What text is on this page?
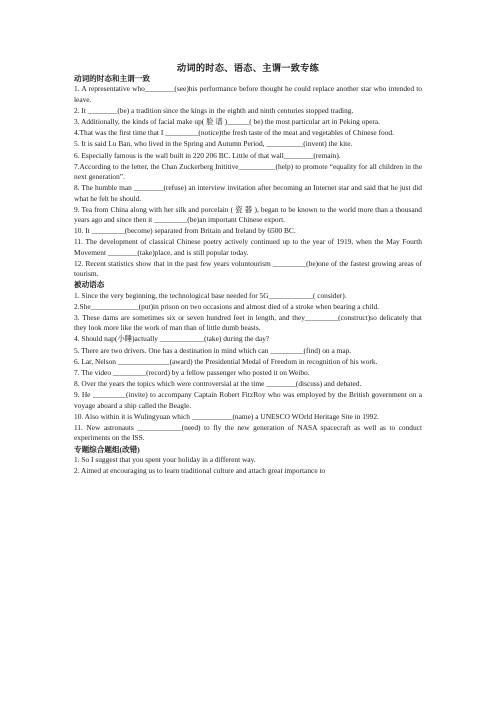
动词的时态、语态、主谓一致专练
动词的时态和主谓一致
1. A representative who________(see)his performance before thought he could replace another star who intended to leave.
2. It ________(be) a tradition since the kings in the eighth and ninth centuries stopped trading.
3. Additionally, the kinds of facial make up( 脸 谱 )______( be) the most particular art in Peking opera.
4.That was the first time that I _________(notice)the fresh taste of the meat and vegetables of Chinese food.
5. It is said Lu Ban, who lived in the Spring and Autumn Period, __________(invent) the kite.
6. Especially famous is the wall built in 220 206 BC. Little of that wall________(remain).
7.According to the letter, the Chan Zuckerberg Inititive__________(help) to promote “equality for all children in the next generation”.
8. The humble man ________(refuse) an interview invitation after becoming an Internet star and said that he just did what he felt he should.
9. Tea from China along with her silk and porcelain ( 瓷 器 ), began to be known to the world more than a thousand years ago and since then it _________(be)an important Chinese export.
10. It _________(become) separated from Britain and Ireland by 6500 BC.
11. The development of classical Chinese poetry actively continued up to the year of 1919, when the May Fourth Movement ________(take)place, and is still popular today.
12. Recent statistics show that in the past few years voluntourism _________(be)one of the fastest growing areas of tourism.
被动语态
1. Since the very beginning, the technological base needed for 5G____________( consider).
2.She_____________(put)in prison on two occasions and almost died of a stroke when bearing a child.
3. These dams are sometimes six or seven hundred feet in length, and they_________(construct)so delicately that they look more like the work of man than of little dumb beasts.
4. Should nap(小睡)actually ____________(take) during the day?
5. There are two drivers. One has a destination in mind which can _________(find) on a map.
6. Lar, Nelson ______________(award) the Presidential Medal of Freedom in recognition of his work.
7. The video _________(record) by a fellow passenger who posted it on Weibo.
8. Over the years the topics which were controversial at the time ________(discuss) and debated.
9. He _________(invite) to accompany Captain Robert FitzRoy who was employed by the British government on a voyage aboard a ship called the Beagle.
10. Also within it is Wulingyuan which ___________(name) a UNESCO WOrld Heritage Site in 1992.
11. New astronauts ____________(need) to fly the new generation of NASA spacecraft as well as to conduct experiments on the ISS.
专题综合题组(改错)
1. So I suggest that you spent your holiday in a different way.
2. Aimed at encouraging us to learn traditional culture and attach great importance to
